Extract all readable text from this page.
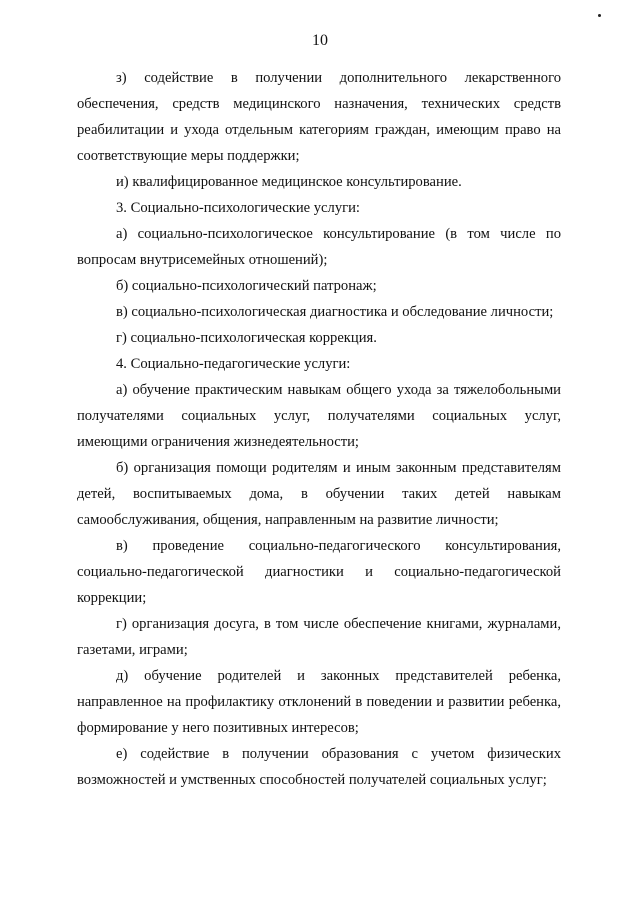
10

з) содействие в получении дополнительного лекарственного обеспечения, средств медицинского назначения, технических средств реабилитации и ухода отдельным категориям граждан, имеющим право на соответствующие меры поддержки;

и) квалифицированное медицинское консультирование.

3. Социально-психологические услуги:

а) социально-психологическое консультирование (в том числе по вопросам внутрисемейных отношений);

б) социально-психологический патронаж;

в) социально-психологическая диагностика и обследование личности;

г) социально-психологическая коррекция.

4. Социально-педагогические услуги:

а) обучение практическим навыкам общего ухода за тяжелобольными получателями социальных услуг, получателями социальных услуг, имеющими ограничения жизнедеятельности;

б) организация помощи родителям и иным законным представителям детей, воспитываемых дома, в обучении таких детей навыкам самообслуживания, общения, направленным на развитие личности;

в) проведение социально-педагогического консультирования, социально-педагогической диагностики и социально-педагогической коррекции;

г) организация досуга, в том числе обеспечение книгами, журналами, газетами, играми;

д) обучение родителей и законных представителей ребенка, направленное на профилактику отклонений в поведении и развитии ребенка, формирование у него позитивных интересов;

е) содействие в получении образования с учетом физических возможностей и умственных способностей получателей социальных услуг;
